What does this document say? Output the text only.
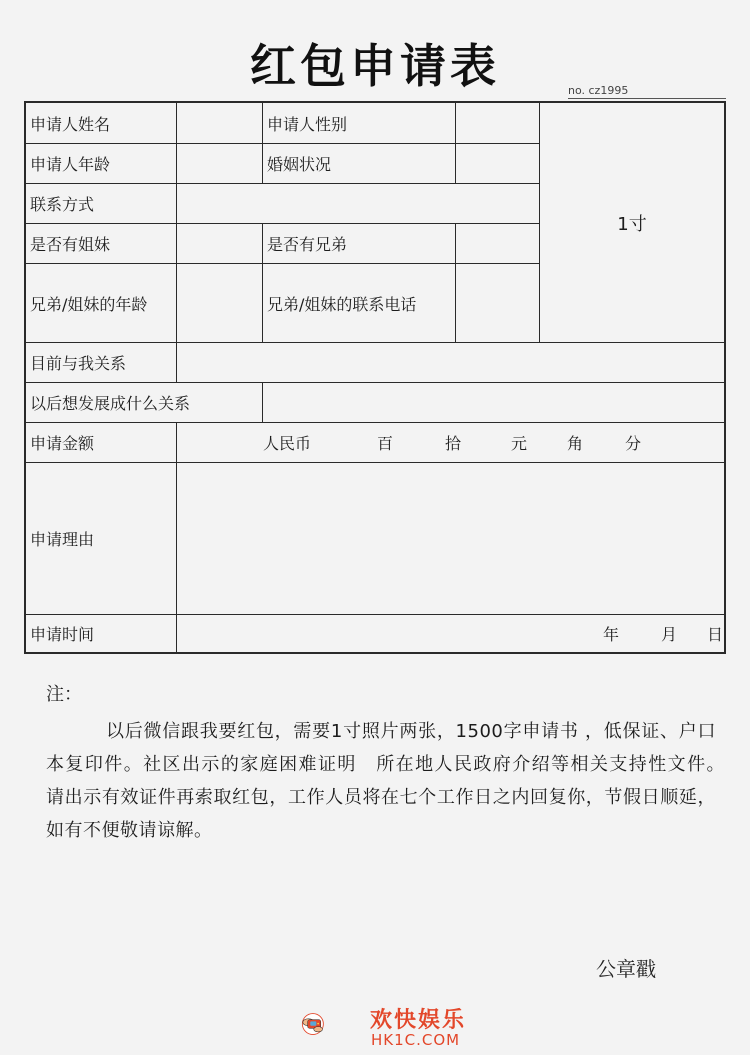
红包申请表	no. cz1995
申请人姓名	申请人性别
1寸
申请人年龄	婚姻状况
联系方式
是否有姐妹	是否有兄弟
兄弟/姐妹的年龄	兄弟/姐妹的联系电话
目前与我关系
以后想发展成什么关系
申请金额	人民币	百	拾	元 角	分
申请理由
申请时间	年	月 日
注：
以后微信跟我要红包，需要1寸照片两张，1500字申请书 ，低保证、户口本复印件。社区出示的家庭困难证明　所在地人民政府介绍等相关支持性文件。　请出示有效证件再索取红包，工作人员将在七个工作日之内回复你，节假日顺延，如有不便敬请谅解。
公章戳
欢快娱乐
HK1C.COM
